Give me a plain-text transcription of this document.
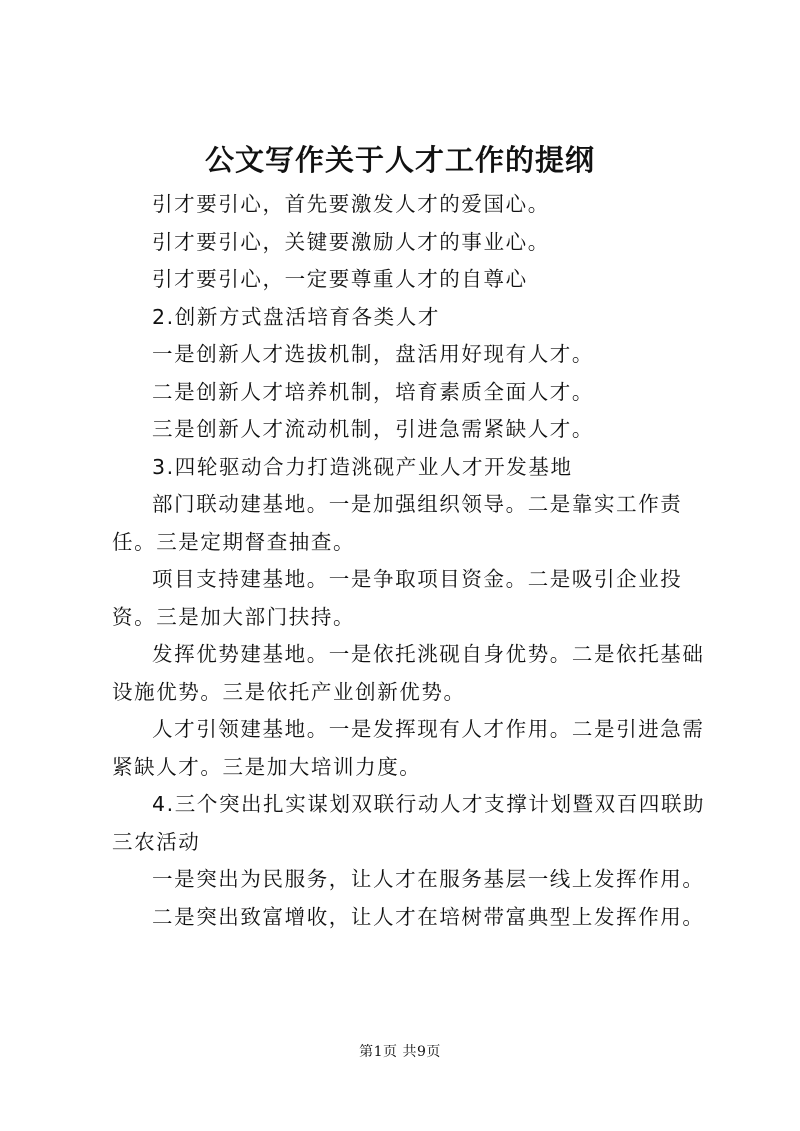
公文写作关于人才工作的提纲

引才要引心，首先要激发人才的爱国心。

引才要引心，关键要激励人才的事业心。

引才要引心，一定要尊重人才的自尊心

2.创新方式盘活培育各类人才

一是创新人才选拔机制，盘活用好现有人才。

二是创新人才培养机制，培育素质全面人才。

三是创新人才流动机制，引进急需紧缺人才。

3.四轮驱动合力打造洮砚产业人才开发基地

部门联动建基地。一是加强组织领导。二是靠实工作责任。三是定期督查抽查。

项目支持建基地。一是争取项目资金。二是吸引企业投资。三是加大部门扶持。

发挥优势建基地。一是依托洮砚自身优势。二是依托基础设施优势。三是依托产业创新优势。

人才引领建基地。一是发挥现有人才作用。二是引进急需紧缺人才。三是加大培训力度。

4.三个突出扎实谋划双联行动人才支撑计划暨双百四联助三农活动

一是突出为民服务，让人才在服务基层一线上发挥作用。

二是突出致富增收，让人才在培树带富典型上发挥作用。

第1页 共9页
